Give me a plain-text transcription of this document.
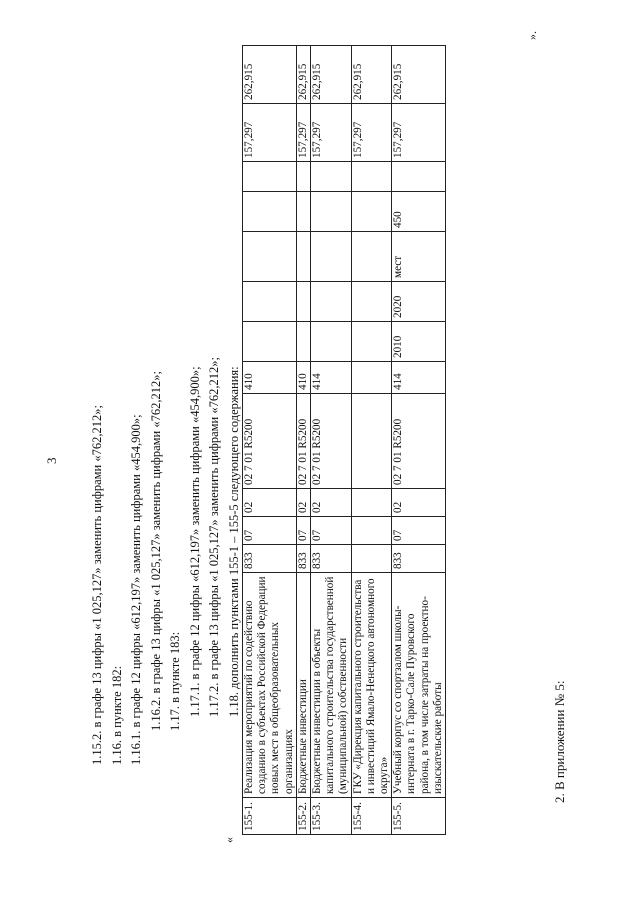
3 1.15.2. в графе 13 цифры «1 025,127» заменить цифрами «762,212»; 1.16. в пункте 182: 1.16.1. в графе 12 цифры «612,197» заменить цифрами «454,900»; 1.16.2. в графе 13 цифры «1 025,127» заменить цифрами «762,212»; 1.17. в пункте 183: 1.17.1. в графе 12 цифры «612,197» заменить цифрами «454,900»; 1.17.2. в графе 13 цифры «1 025,127» заменить цифрами «762,212»; 1.18. дополнить пунктами 155-1 – 155-5 следующего содержания:
«
155-1.	Реализация мероприятий по содействию созданию в субъектах Российской Федерации новых мест в общеобразовательных организациях	833	07	02	02 7 01 R5200	410						157,297	262,915
155-2.	Бюджетные инвестиции	833	07	02	02 7 01 R5200	410						157,297	262,915
155-3.	Бюджетные инвестиции в объекты капитального строительства государственной (муниципальной) собственности	833	07	02	02 7 01 R5200	414						157,297	262,915
155-4.	ГКУ «Дирекция капитального строительства и инвестиций Ямало-Ненецкого автономного округа»											157,297	262,915
155-5.	Учебный корпус со спортзалом школы-интерната в г. Тарко-Сале Пуровского района, в том числе затраты на проектно-изыскательские работы	833	07	02	02 7 01 R5200	414	2010	2020	мест	450		157,297	262,915
».
2. В приложении № 5:
